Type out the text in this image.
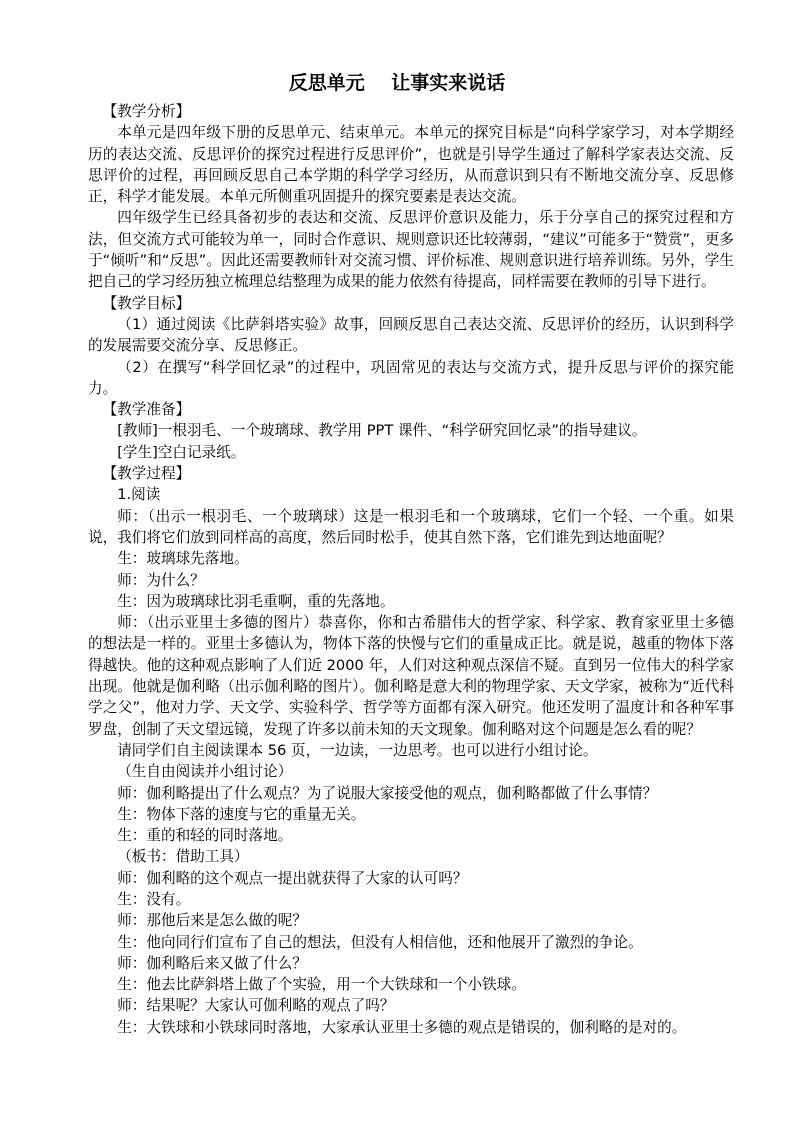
反思单元    让事实来说话

【教学分析】

本单元是四年级下册的反思单元、结束单元。本单元的探究目标是“向科学家学习，对本学期经历的表达交流、反思评价的探究过程进行反思评价”，也就是引导学生通过了解科学家表达交流、反思评价的过程，再回顾反思自己本学期的科学学习经历，从而意识到只有不断地交流分享、反思修正，科学才能发展。本单元所侧重巩固提升的探究要素是表达交流。

四年级学生已经具备初步的表达和交流、反思评价意识及能力，乐于分享自己的探究过程和方法，但交流方式可能较为单一，同时合作意识、规则意识还比较薄弱，“建议”可能多于“赞赏”，更多于“倾听”和“反思”。因此还需要教师针对交流习惯、评价标准、规则意识进行培养训练。另外，学生把自己的学习经历独立梳理总结整理为成果的能力依然有待提高，同样需要在教师的引导下进行。

【教学目标】

（1）通过阅读《比萨斜塔实验》故事，回顾反思自己表达交流、反思评价的经历，认识到科学的发展需要交流分享、反思修正。

（2）在撰写“科学回忆录”的过程中，巩固常见的表达与交流方式，提升反思与评价的探究能力。

【教学准备】

[教师]一根羽毛、一个玻璃球、教学用 PPT 课件、“科学研究回忆录”的指导建议。

[学生]空白记录纸。

【教学过程】

1.阅读

师：（出示一根羽毛、一个玻璃球）这是一根羽毛和一个玻璃球，它们一个轻、一个重。如果说，我们将它们放到同样高的高度，然后同时松手，使其自然下落，它们谁先到达地面呢？

生：玻璃球先落地。

师：为什么？

生：因为玻璃球比羽毛重啊，重的先落地。

师：（出示亚里士多德的图片）恭喜你，你和古希腊伟大的哲学家、科学家、教育家亚里士多德的想法是一样的。亚里士多德认为，物体下落的快慢与它们的重量成正比。就是说，越重的物体下落得越快。他的这种观点影响了人们近 2000 年，人们对这种观点深信不疑。直到另一位伟大的科学家出现。他就是伽利略（出示伽利略的图片）。伽利略是意大利的物理学家、天文学家，被称为“近代科学之父”，他对力学、天文学、实验科学、哲学等方面都有深入研究。他还发明了温度计和各种军事罗盘，创制了天文望远镜，发现了许多以前未知的天文现象。伽利略对这个问题是怎么看的呢？

请同学们自主阅读课本 56 页，一边读，一边思考。也可以进行小组讨论。

（生自由阅读并小组讨论）

师：伽利略提出了什么观点？为了说服大家接受他的观点，伽利略都做了什么事情？

生：物体下落的速度与它的重量无关。

生：重的和轻的同时落地。

（板书：借助工具）

师：伽利略的这个观点一提出就获得了大家的认可吗？

生：没有。

师：那他后来是怎么做的呢？

生：他向同行们宣布了自己的想法，但没有人相信他，还和他展开了激烈的争论。

师：伽利略后来又做了什么？

生：他去比萨斜塔上做了个实验，用一个大铁球和一个小铁球。

师：结果呢？大家认可伽利略的观点了吗？

生：大铁球和小铁球同时落地，大家承认亚里士多德的观点是错误的，伽利略的是对的。
